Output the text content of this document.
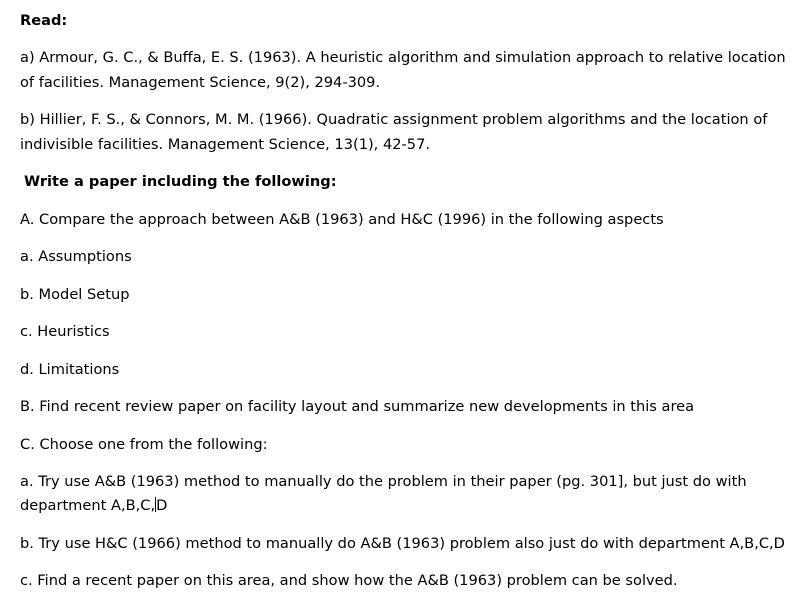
Read:
a) Armour, G. C., & Buffa, E. S. (1963). A heuristic algorithm and simulation approach to relative location
of facilities. Management Science, 9(2), 294-309.
b) Hillier, F. S., & Connors, M. M. (1966). Quadratic assignment problem algorithms and the location of
indivisible facilities. Management Science, 13(1), 42-57.
Write a paper including the following:
A. Compare the approach between A&B (1963) and H&C (1996) in the following aspects
a. Assumptions
b. Model Setup
c. Heuristics
d. Limitations
B. Find recent review paper on facility layout and summarize new developments in this area
C. Choose one from the following:
a. Try use A&B (1963) method to manually do the problem in their paper (pg. 301], but just do with
department A,B,C,D
b. Try use H&C (1966) method to manually do A&B (1963) problem also just do with department A,B,C,D
c. Find a recent paper on this area, and show how the A&B (1963) problem can be solved.
